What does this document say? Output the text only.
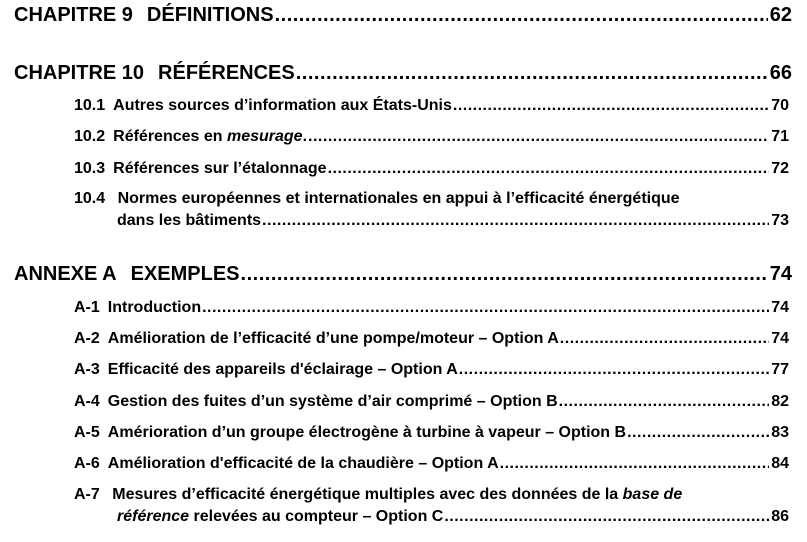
CHAPITRE 9 DÉFINITIONS .....	62
CHAPITRE 10 RÉFÉRENCES .....	66
10.1 Autres sources d’information aux États-Unis .....	70
10.2 Références en mesurage. .....	71
10.3 Références sur l’étalonnage .....	72
10.4 Normes européennes et internationales en appui à l’efficacité énergétique
dans les bâtiments .....	73
ANNEXE A EXEMPLES .....	74
A-1 Introduction .....	74
A-2 Amélioration de l’efficacité d’une pompe/moteur – Option A .....	74
A-3 Efficacité des appareils d'éclairage – Option A .....	77
A-4 Gestion des fuites d’un système d’air comprimé – Option B .....	82
A-5 Amérioration d’un groupe électrogène à turbine à vapeur – Option B .....	83
A-6 Amélioration d'efficacité de la chaudière – Option A .....	84
A-7 Mesures d’efficacité énergétique multiples avec des données de la base de
référence relevées au compteur – Option C .....	86
